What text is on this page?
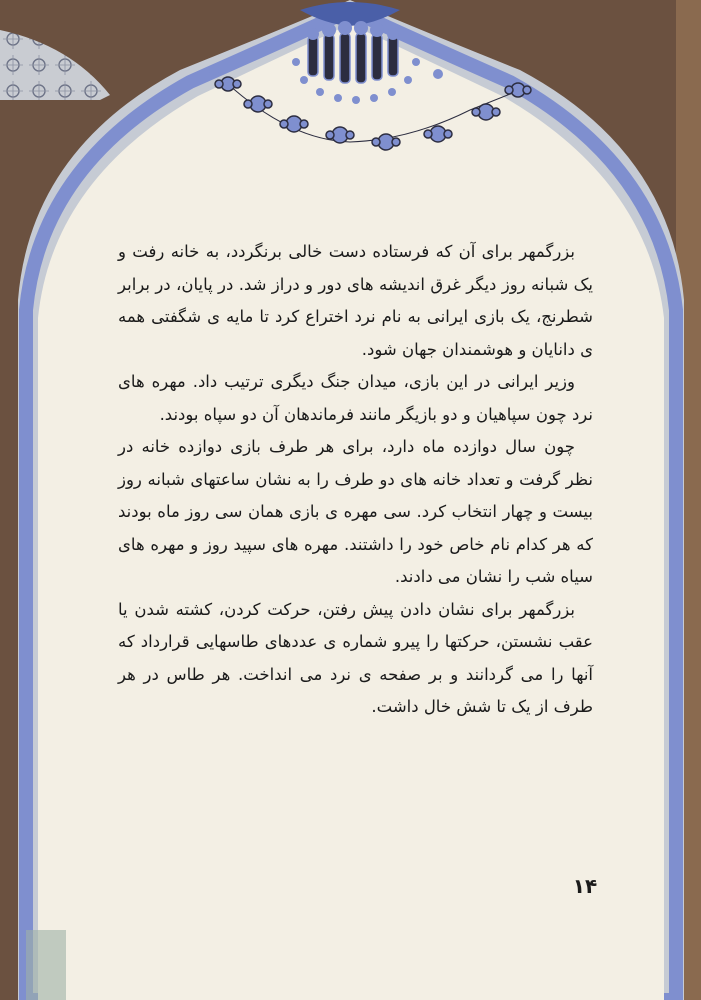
بزرگمهر برای آن که فرستاده دست خالی برنگردد، به خانه رفت و یک شبانه روز دیگر غرق اندیشه های دور و دراز شد. در پایان، در برابر شطرنج، یک بازی ایرانی به نام نرد اختراع کرد تا مایه ی شگفتی همه ی دانایان و هوشمندان جهان شود.

وزیر ایرانی در این بازی، میدان جنگ دیگری ترتیب داد. مهره های نرد چون سپاهیان و دو بازیگر مانند فرماندهان آن دو سپاه بودند.

چون سال دوازده ماه دارد، برای هر طرف بازی دوازده خانه در نظر گرفت و تعداد خانه های دو طرف را به نشان ساعتهای شبانه روز بیست و چهار انتخاب کرد. سی مهره ی بازی همان سی روز ماه بودند که هر کدام نام خاص خود را داشتند. مهره های سپید روز و مهره های سیاه شب را نشان می دادند.

بزرگمهر برای نشان دادن پیش رفتن، حرکت کردن، کشته شدن یا عقب نشستن، حرکتها را پیرو شماره ی عددهای طاسهایی قرارداد که آنها را می گردانند و بر صفحه ی نرد می انداخت. هر طاس در هر طرف از یک تا شش خال داشت.

۱۴
